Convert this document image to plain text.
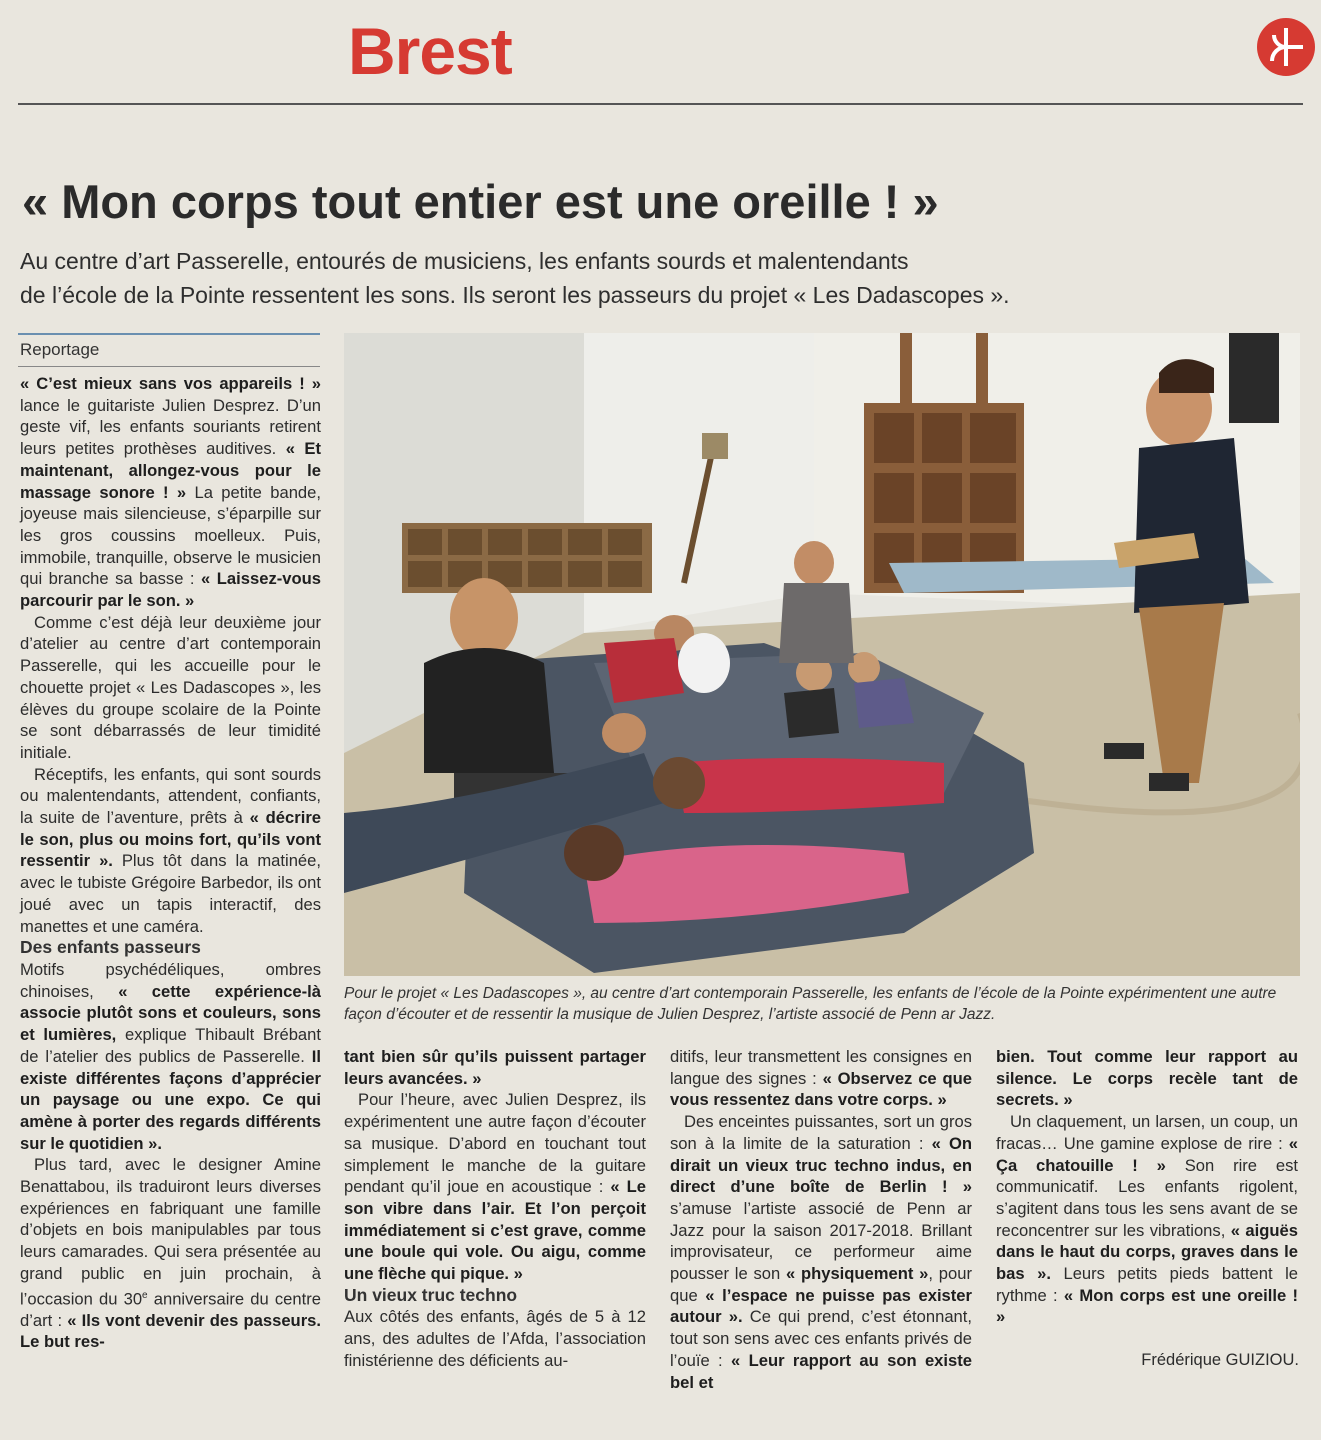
Brest
« Mon corps tout entier est une oreille ! »
Au centre d’art Passerelle, entourés de musiciens, les enfants sourds et malentendants
de l’école de la Pointe ressentent les sons. Ils seront les passeurs du projet « Les Dadascopes ».
Reportage

« C’est mieux sans vos appareils ! » lance le guitariste Julien Desprez. D’un geste vif, les enfants souriants retirent leurs petites prothèses auditives. « Et maintenant, allongez-vous pour le massage sonore ! » La petite bande, joyeuse mais silencieuse, s’éparpille sur les gros coussins moelleux. Puis, immobile, tranquille, observe le musicien qui branche sa basse : « Laissez-vous parcourir par le son. »

Comme c’est déjà leur deuxième jour d’atelier au centre d’art contemporain Passerelle, qui les accueille pour le chouette projet « Les Dadascopes », les élèves du groupe scolaire de la Pointe se sont débarrassés de leur timidité initiale.

Réceptifs, les enfants, qui sont sourds ou malentendants, attendent, confiants, la suite de l’aventure, prêts à « décrire le son, plus ou moins fort, qu’ils vont ressentir ». Plus tôt dans la matinée, avec le tubiste Grégoire Barbedor, ils ont joué avec un tapis interactif, des manettes et une caméra.

Des enfants passeurs

Motifs psychédéliques, ombres chinoises, « cette expérience-là associe plutôt sons et couleurs, sons et lumières, explique Thibault Brébant de l’atelier des publics de Passerelle. Il existe différentes façons d’apprécier un paysage ou une expo. Ce qui amène à porter des regards différents sur le quotidien ».

Plus tard, avec le designer Amine Benattabou, ils traduiront leurs diverses expériences en fabriquant une famille d’objets en bois manipulables par tous leurs camarades. Qui sera présentée au grand public en juin prochain, à l’occasion du 30e anniversaire du centre d’art : « Ils vont devenir des passeurs. Le but res-

Pour le projet « Les Dadascopes », au centre d’art contemporain Passerelle, les enfants de l’école de la Pointe expérimentent une autre façon d’écouter et de ressentir la musique de Julien Desprez, l’artiste associé de Penn ar Jazz.

tant bien sûr qu’ils puissent partager leurs avancées. »

Pour l’heure, avec Julien Desprez, ils expérimentent une autre façon d’écouter sa musique. D’abord en touchant tout simplement le manche de la guitare pendant qu’il joue en acoustique : « Le son vibre dans l’air. Et l’on perçoit immédiatement si c’est grave, comme une boule qui vole. Ou aigu, comme une flèche qui pique. »

Un vieux truc techno

Aux côtés des enfants, âgés de 5 à 12 ans, des adultes de l’Afda, l’association finistérienne des déficients au-

ditifs, leur transmettent les consignes en langue des signes : « Observez ce que vous ressentez dans votre corps. »

Des enceintes puissantes, sort un gros son à la limite de la saturation : « On dirait un vieux truc techno indus, en direct d’une boîte de Berlin ! » s’amuse l’artiste associé de Penn ar Jazz pour la saison 2017-2018. Brillant improvisateur, ce performeur aime pousser le son « physiquement », pour que « l’espace ne puisse pas exister autour ». Ce qui prend, c’est étonnant, tout son sens avec ces enfants privés de l’ouïe : « Leur rapport au son existe bel et

bien. Tout comme leur rapport au silence. Le corps recèle tant de secrets. »

Un claquement, un larsen, un coup, un fracas… Une gamine explose de rire : « Ça chatouille ! » Son rire est communicatif. Les enfants rigolent, s’agitent dans tous les sens avant de se reconcentrer sur les vibrations, « aiguës dans le haut du corps, graves dans le bas ». Leurs petits pieds battent le rythme : « Mon corps est une oreille ! »

Frédérique GUIZIOU.
